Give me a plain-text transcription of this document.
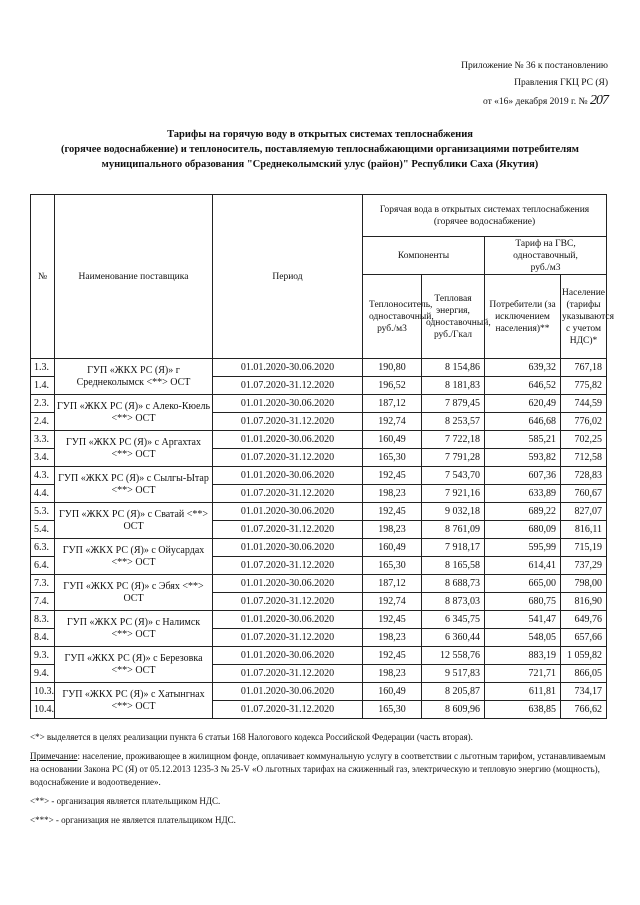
Приложение № 36 к постановлению
Правления ГКЦ РС (Я)
от «16» декабря 2019 г. № 207
Тарифы на горячую воду в открытых системах теплоснабжения
(горячее водоснабжение) и теплоноситель, поставляемую теплоснабжающими организациями потребителям
муниципального образования "Среднеколымский улус (район)" Республики Саха (Якутия)
№	Наименование поставщика	Период	Горячая вода в открытых системах теплоснабжения (горячее водоснабжение)			
			Компоненты		Тариф на ГВС, одноставочный, руб./м3	
			Теплоноситель, одноставочный, руб./м3	Тепловая энергия, одноставочный, руб./Гкал	Потребители (за исключением населения)**	Население (тарифы указываются с учетом НДС)*
1.3.	ГУП «ЖКХ РС (Я)» г Среднеколымск <**> ОСТ	01.01.2020-30.06.2020	190,80	8 154,86	639,32	767,18
1.4.		01.07.2020-31.12.2020	196,52	8 181,83	646,52	775,82
2.3.	ГУП «ЖКХ РС (Я)» с Алеко-Кюель <**> ОСТ	01.01.2020-30.06.2020	187,12	7 879,45	620,49	744,59
2.4.		01.07.2020-31.12.2020	192,74	8 253,57	646,68	776,02
3.3.	ГУП «ЖКХ РС (Я)» с Аргахтах <**> ОСТ	01.01.2020-30.06.2020	160,49	7 722,18	585,21	702,25
3.4.		01.07.2020-31.12.2020	165,30	7 791,28	593,82	712,58
4.3.	ГУП «ЖКХ РС (Я)» с Сылгы-Ытар <**> ОСТ	01.01.2020-30.06.2020	192,45	7 543,70	607,36	728,83
4.4.		01.07.2020-31.12.2020	198,23	7 921,16	633,89	760,67
5.3.	ГУП «ЖКХ РС (Я)» с Сватай <**> ОСТ	01.01.2020-30.06.2020	192,45	9 032,18	689,22	827,07
5.4.		01.07.2020-31.12.2020	198,23	8 761,09	680,09	816,11
6.3.	ГУП «ЖКХ РС (Я)» с Ойусардах <**> ОСТ	01.01.2020-30.06.2020	160,49	7 918,17	595,99	715,19
6.4.		01.07.2020-31.12.2020	165,30	8 165,58	614,41	737,29
7.3.	ГУП «ЖКХ РС (Я)» с Эбях <**> ОСТ	01.01.2020-30.06.2020	187,12	8 688,73	665,00	798,00
7.4.		01.07.2020-31.12.2020	192,74	8 873,03	680,75	816,90
8.3.	ГУП «ЖКХ РС (Я)» с Налимск <**> ОСТ	01.01.2020-30.06.2020	192,45	6 345,75	541,47	649,76
8.4.		01.07.2020-31.12.2020	198,23	6 360,44	548,05	657,66
9.3.	ГУП «ЖКХ РС (Я)» с Березовка <**> ОСТ	01.01.2020-30.06.2020	192,45	12 558,76	883,19	1 059,82
9.4.		01.07.2020-31.12.2020	198,23	9 517,83	721,71	866,05
10.3.	ГУП «ЖКХ РС (Я)» с Хатынгнах <**> ОСТ	01.01.2020-30.06.2020	160,49	8 205,87	611,81	734,17
10.4.		01.07.2020-31.12.2020	165,30	8 609,96	638,85	766,62

<*> выделяется в целях реализации пункта 6 статьи 168 Налогового кодекса Российской Федерации (часть вторая).

Примечание: население, проживающее в жилищном фонде, оплачивает коммунальную услугу в соответствии с льготным тарифом, устанавливаемым на основании Закона РС (Я) от 05.12.2013 1235-З № 25-V «О льготных тарифах на сжиженный газ, электрическую и тепловую энергию (мощность), водоснабжение и водоотведение».

<**> - организация является плательщиком НДС.

<***> - организация не является плательщиком НДС.
